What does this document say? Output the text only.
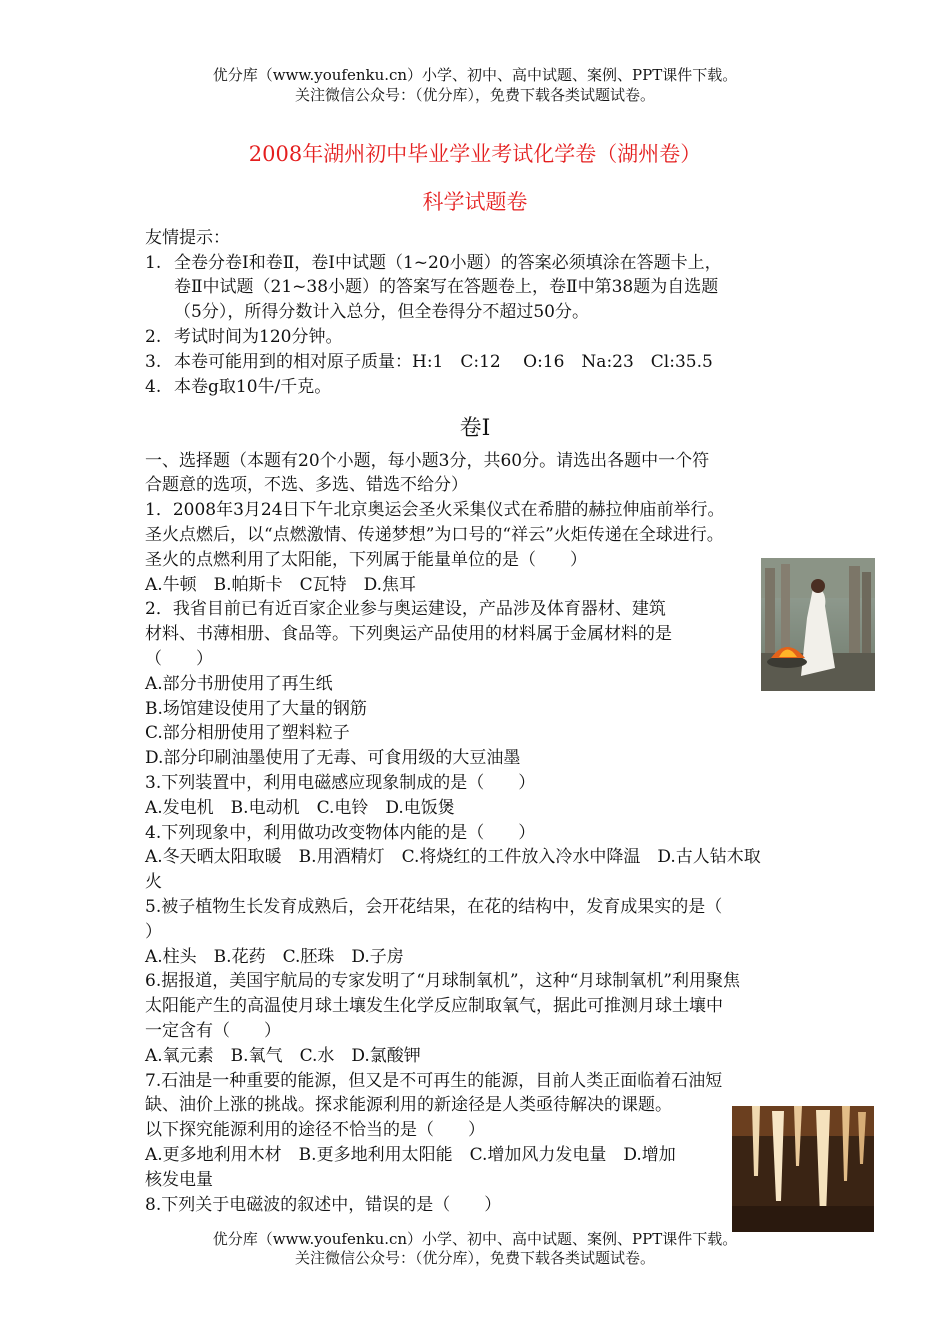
优分库（www.youfenku.cn）小学、初中、高中试题、案例、PPT课件下载。
关注微信公众号：（优分库），免费下载各类试题试卷。
2008年湖州初中毕业学业考试化学卷（湖州卷）
科学试题卷
友情提示：
1. 全卷分卷Ⅰ和卷Ⅱ，卷Ⅰ中试题（1~20小题）的答案必须填涂在答题卡上，
卷Ⅱ中试题（21~38小题）的答案写在答题卷上，卷Ⅱ中第38题为自选题
（5分），所得分数计入总分，但全卷得分不超过50分。
2. 考试时间为120分钟。
3. 本卷可能用到的相对原子质量：H:1　C:12　 O:16　Na:23　Cl:35.5
4. 本卷g取10牛/千克。
卷Ⅰ
一、选择题（本题有20个小题，每小题3分，共60分。请选出各题中一个符
合题意的选项，不选、多选、错选不给分）
1．2008年3月24日下午北京奥运会圣火采集仪式在希腊的赫拉伸庙前举行。
圣火点燃后，以“点燃激情、传递梦想”为口号的“祥云”火炬传递在全球进行。
圣火的点燃利用了太阳能，下列属于能量单位的是（　　）
A.牛顿　B.帕斯卡　C瓦特　D.焦耳
2．我省目前已有近百家企业参与奥运建设，产品涉及体育器材、建筑
材料、书薄相册、食品等。下列奥运产品使用的材料属于金属材料的是
（　　）
A.部分书册使用了再生纸
B.场馆建设使用了大量的钢筋
C.部分相册使用了塑料粒子
D.部分印刷油墨使用了无毒、可食用级的大豆油墨
3.下列装置中，利用电磁感应现象制成的是（　　）
A.发电机　B.电动机　C.电铃　D.电饭煲
4.下列现象中，利用做功改变物体内能的是（　　）
A.冬天晒太阳取暖　B.用酒精灯　C.将烧红的工件放入冷水中降温　D.古人钻木取
火
5.被子植物生长发育成熟后，会开花结果，在花的结构中，发育成果实的是（
）
A.柱头　B.花药　C.胚珠　D.子房
6.据报道，美国宇航局的专家发明了“月球制氧机”，这种“月球制氧机”利用聚焦
太阳能产生的高温使月球土壤发生化学反应制取氧气，据此可推测月球土壤中
一定含有（　　）
A.氧元素　B.氧气　C.水　D.氯酸钾
7.石油是一种重要的能源，但又是不可再生的能源，目前人类正面临着石油短
缺、油价上涨的挑战。探求能源利用的新途径是人类亟待解决的课题。
以下探究能源利用的途径不恰当的是（　　）
A.更多地利用木材　B.更多地利用太阳能　C.增加风力发电量　D.增加
核发电量
8.下列关于电磁波的叙述中，错误的是（　　）
优分库（www.youfenku.cn）小学、初中、高中试题、案例、PPT课件下载。
关注微信公众号：（优分库），免费下载各类试题试卷。
